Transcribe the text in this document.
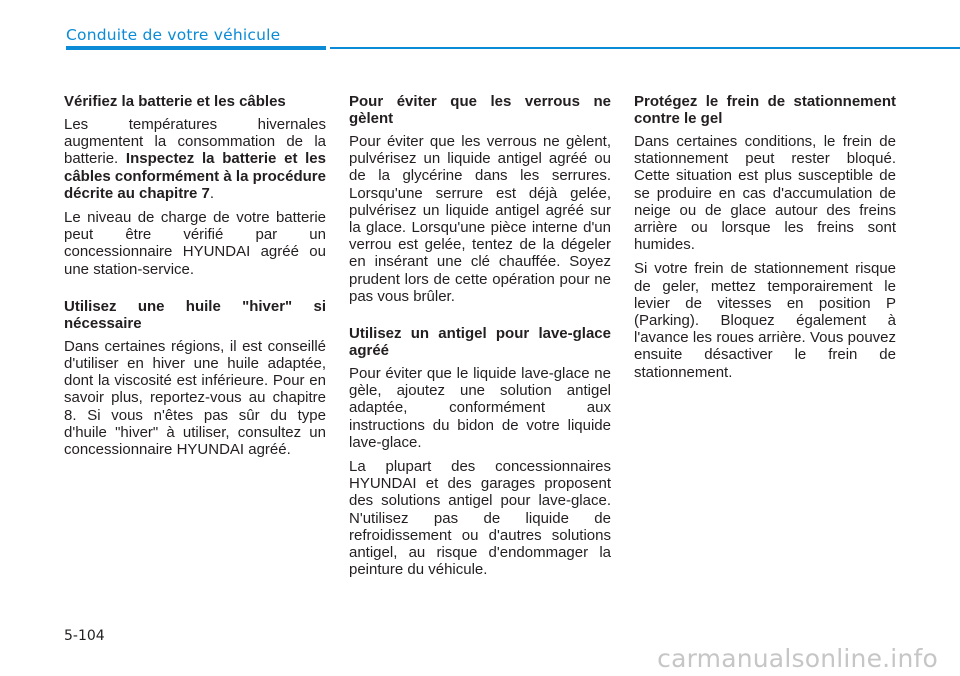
Conduite de votre véhicule
Vérifiez la batterie et les câbles

Les températures hivernales augmentent la consommation de la batterie. Inspectez la batterie et les câbles conformément à la procédure décrite au chapitre 7.

Le niveau de charge de votre batterie peut être vérifié par un concessionnaire HYUNDAI agréé ou une station-service.

Utilisez une huile "hiver" si nécessaire

Dans certaines régions, il est conseillé d'utiliser en hiver une huile adaptée, dont la viscosité est inférieure. Pour en savoir plus, reportez-vous au chapitre 8. Si vous n'êtes pas sûr du type d'huile "hiver" à utiliser, consultez un concessionnaire HYUNDAI agréé.

Pour éviter que les verrous ne gèlent

Pour éviter que les verrous ne gèlent, pulvérisez un liquide antigel agréé ou de la glycérine dans les serrures. Lorsqu'une serrure est déjà gelée, pulvérisez un liquide antigel agréé sur la glace. Lorsqu'une pièce interne d'un verrou est gelée, tentez de la dégeler en insérant une clé chauffée. Soyez prudent lors de cette opération pour ne pas vous brûler.

Utilisez un antigel pour lave-glace agréé

Pour éviter que le liquide lave-glace ne gèle, ajoutez une solution antigel adaptée, conformément aux instructions du bidon de votre liquide lave-glace.

La plupart des concessionnaires HYUNDAI et des garages proposent des solutions antigel pour lave-glace. N'utilisez pas de liquide de refroidissement ou d'autres solutions antigel, au risque d'endommager la peinture du véhicule.

Protégez le frein de stationnement contre le gel

Dans certaines conditions, le frein de stationnement peut rester bloqué. Cette situation est plus susceptible de se produire en cas d'accumulation de neige ou de glace autour des freins arrière ou lorsque les freins sont humides.

Si votre frein de stationnement risque de geler, mettez temporairement le levier de vitesses en position P (Parking). Bloquez également à l'avance les roues arrière. Vous pouvez ensuite désactiver le frein de stationnement.

5-104
carmanualsonline.info
